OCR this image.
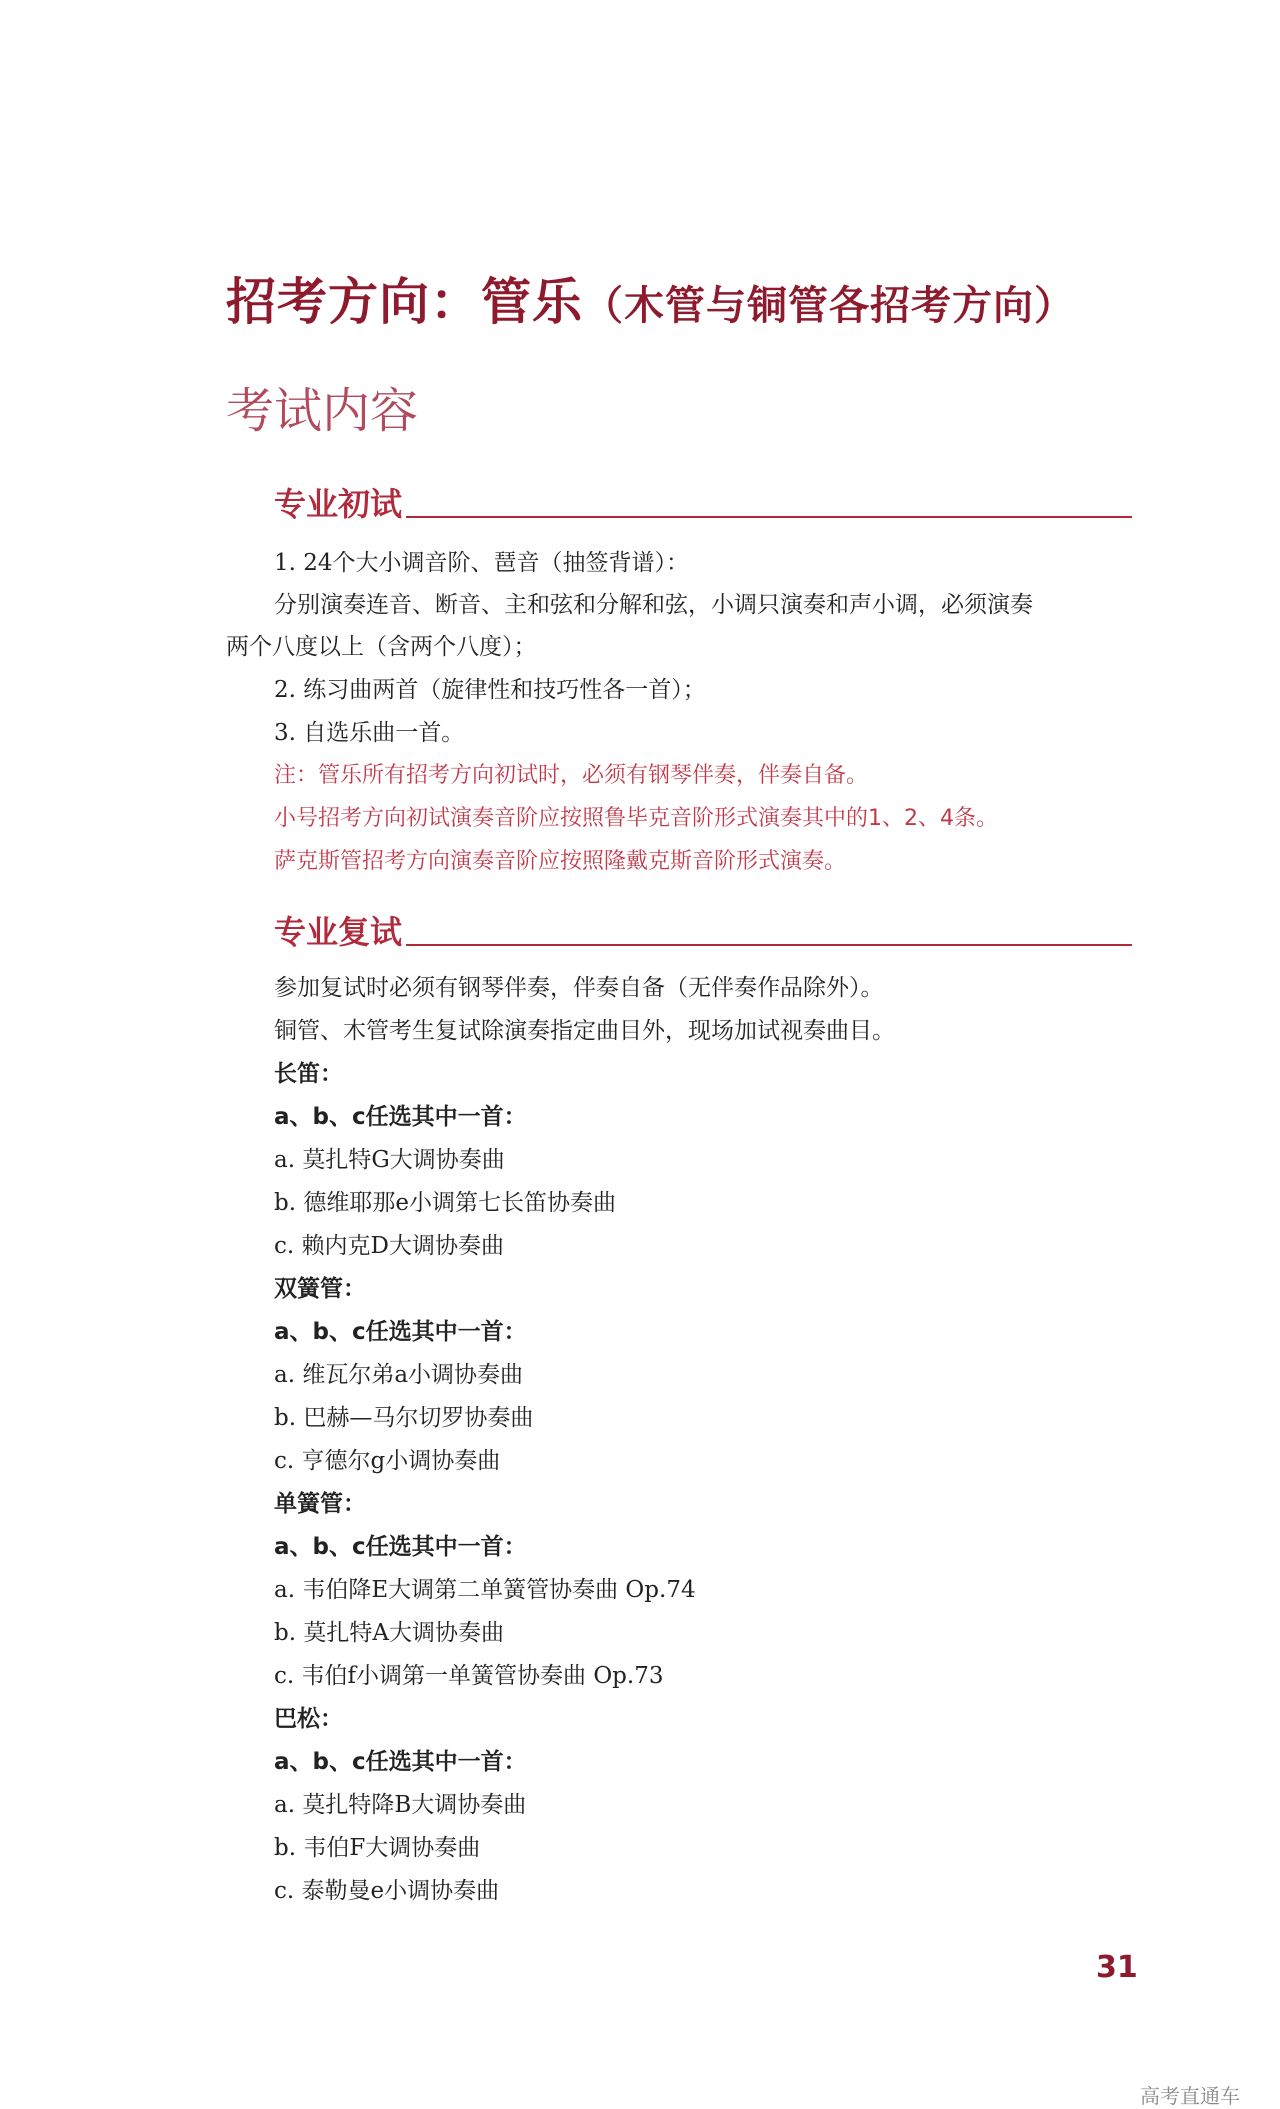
招考方向：管乐（木管与铜管各招考方向）
考试内容
专业初试
1. 24个大小调音阶、琶音（抽签背谱）：
分别演奏连音、断音、主和弦和分解和弦，小调只演奏和声小调，必须演奏
两个八度以上（含两个八度）；
2. 练习曲两首（旋律性和技巧性各一首）；
3. 自选乐曲一首。
注：管乐所有招考方向初试时，必须有钢琴伴奏，伴奏自备。
小号招考方向初试演奏音阶应按照鲁毕克音阶形式演奏其中的1、2、4条。
萨克斯管招考方向演奏音阶应按照隆戴克斯音阶形式演奏。
专业复试
参加复试时必须有钢琴伴奏，伴奏自备（无伴奏作品除外）。
铜管、木管考生复试除演奏指定曲目外，现场加试视奏曲目。
长笛：
a、b、c任选其中一首：
a. 莫扎特G大调协奏曲
b. 德维耶那e小调第七长笛协奏曲
c. 赖内克D大调协奏曲
双簧管：
a、b、c任选其中一首：
a. 维瓦尔弟a小调协奏曲
b. 巴赫—马尔切罗协奏曲
c. 亨德尔g小调协奏曲
单簧管：
a、b、c任选其中一首：
a. 韦伯降E大调第二单簧管协奏曲 Op.74
b. 莫扎特A大调协奏曲
c. 韦伯f小调第一单簧管协奏曲 Op.73
巴松：
a、b、c任选其中一首：
a. 莫扎特降B大调协奏曲
b. 韦伯F大调协奏曲
c. 泰勒曼e小调协奏曲
31
高考直通车
